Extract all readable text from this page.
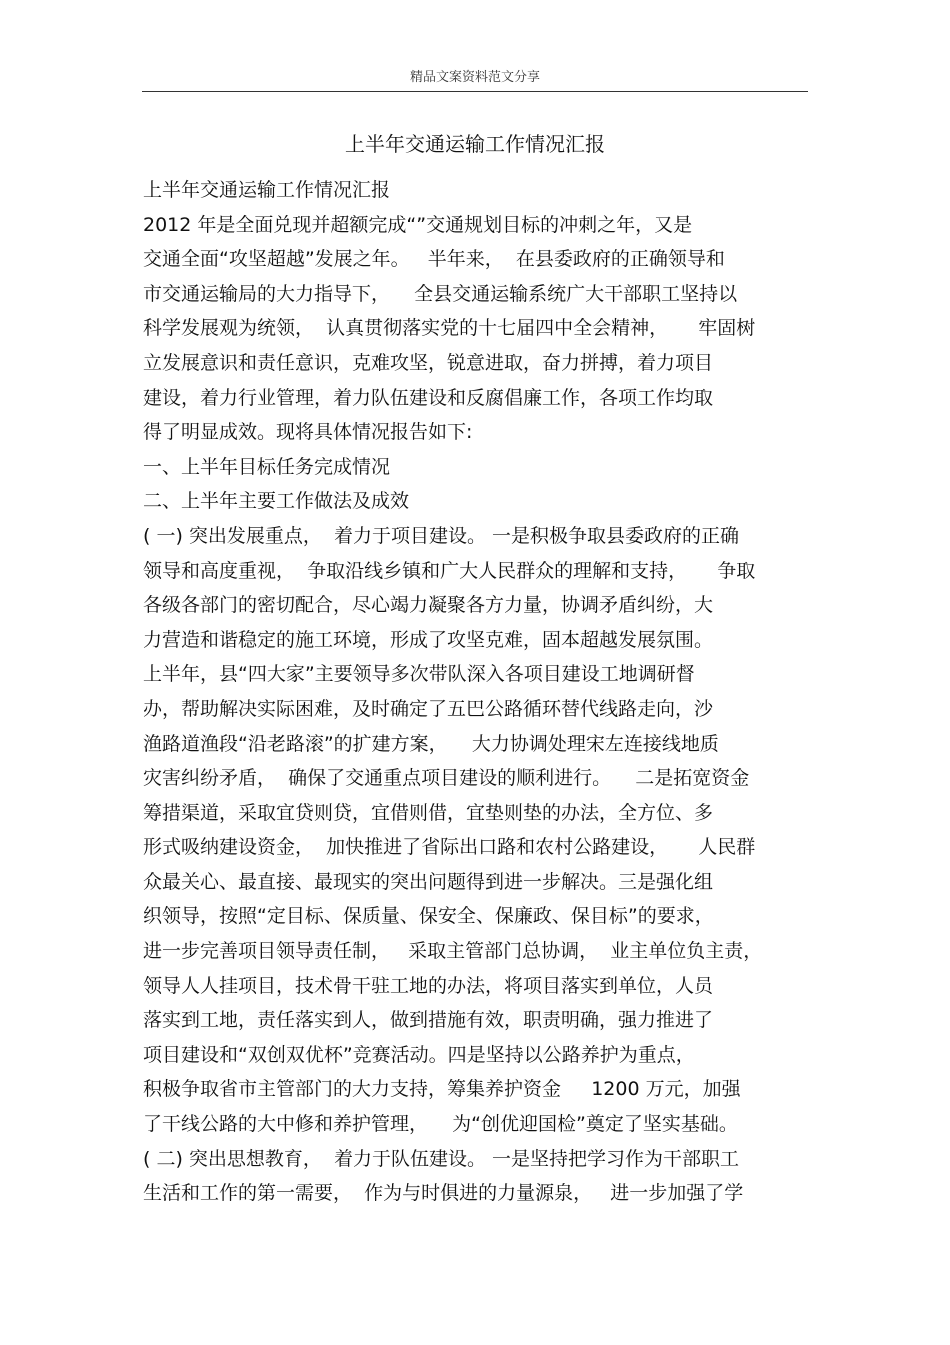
精品文案资料范文分享
上半年交通运输工作情况汇报
上半年交通运输工作情况汇报
2012 年是全面兑现并超额完成“”交通规划目标的冲刺之年，又是
交通全面“攻坚超越”发展之年。   半年来，  在县委政府的正确领导和
市交通运输局的大力指导下，    全县交通运输系统广大干部职工坚持以
科学发展观为统领，  认真贯彻落实党的十七届四中全会精神，     牢固树
立发展意识和责任意识，克难攻坚，锐意进取，奋力拼搏，着力项目
建设，着力行业管理，着力队伍建设和反腐倡廉工作，各项工作均取
得了明显成效。现将具体情况报告如下:
一、上半年目标任务完成情况
二、上半年主要工作做法及成效
( 一) 突出发展重点，  着力于项目建设。 一是积极争取县委政府的正确
领导和高度重视，  争取沿线乡镇和广大人民群众的理解和支持，     争取
各级各部门的密切配合，尽心竭力凝聚各方力量，协调矛盾纠纷，大
力营造和谐稳定的施工环境，形成了攻坚克难，固本超越发展氛围。
上半年，县“四大家”主要领导多次带队深入各项目建设工地调研督
办，帮助解决实际困难，及时确定了五巴公路循环替代线路走向，沙
渔路道渔段“沿老路滚”的扩建方案，    大力协调处理宋左连接线地质
灾害纠纷矛盾，  确保了交通重点项目建设的顺利进行。    二是拓宽资金
筹措渠道，采取宜贷则贷，宜借则借，宜垫则垫的办法，全方位、多
形式吸纳建设资金，  加快推进了省际出口路和农村公路建设，     人民群
众最关心、最直接、最现实的突出问题得到进一步解决。三是强化组
织领导，按照“定目标、保质量、保安全、保廉政、保目标”的要求，
进一步完善项目领导责任制，   采取主管部门总协调，  业主单位负主责，
领导人人挂项目，技术骨干驻工地的办法，将项目落实到单位，人员
落实到工地，责任落实到人，做到措施有效，职责明确，强力推进了
项目建设和“双创双优杯”竞赛活动。四是坚持以公路养护为重点，
积极争取省市主管部门的大力支持，筹集养护资金     1200 万元，加强
了干线公路的大中修和养护管理，    为“创优迎国检”奠定了坚实基础。
( 二) 突出思想教育，  着力于队伍建设。 一是坚持把学习作为干部职工
生活和工作的第一需要，  作为与时俱进的力量源泉，   进一步加强了学
